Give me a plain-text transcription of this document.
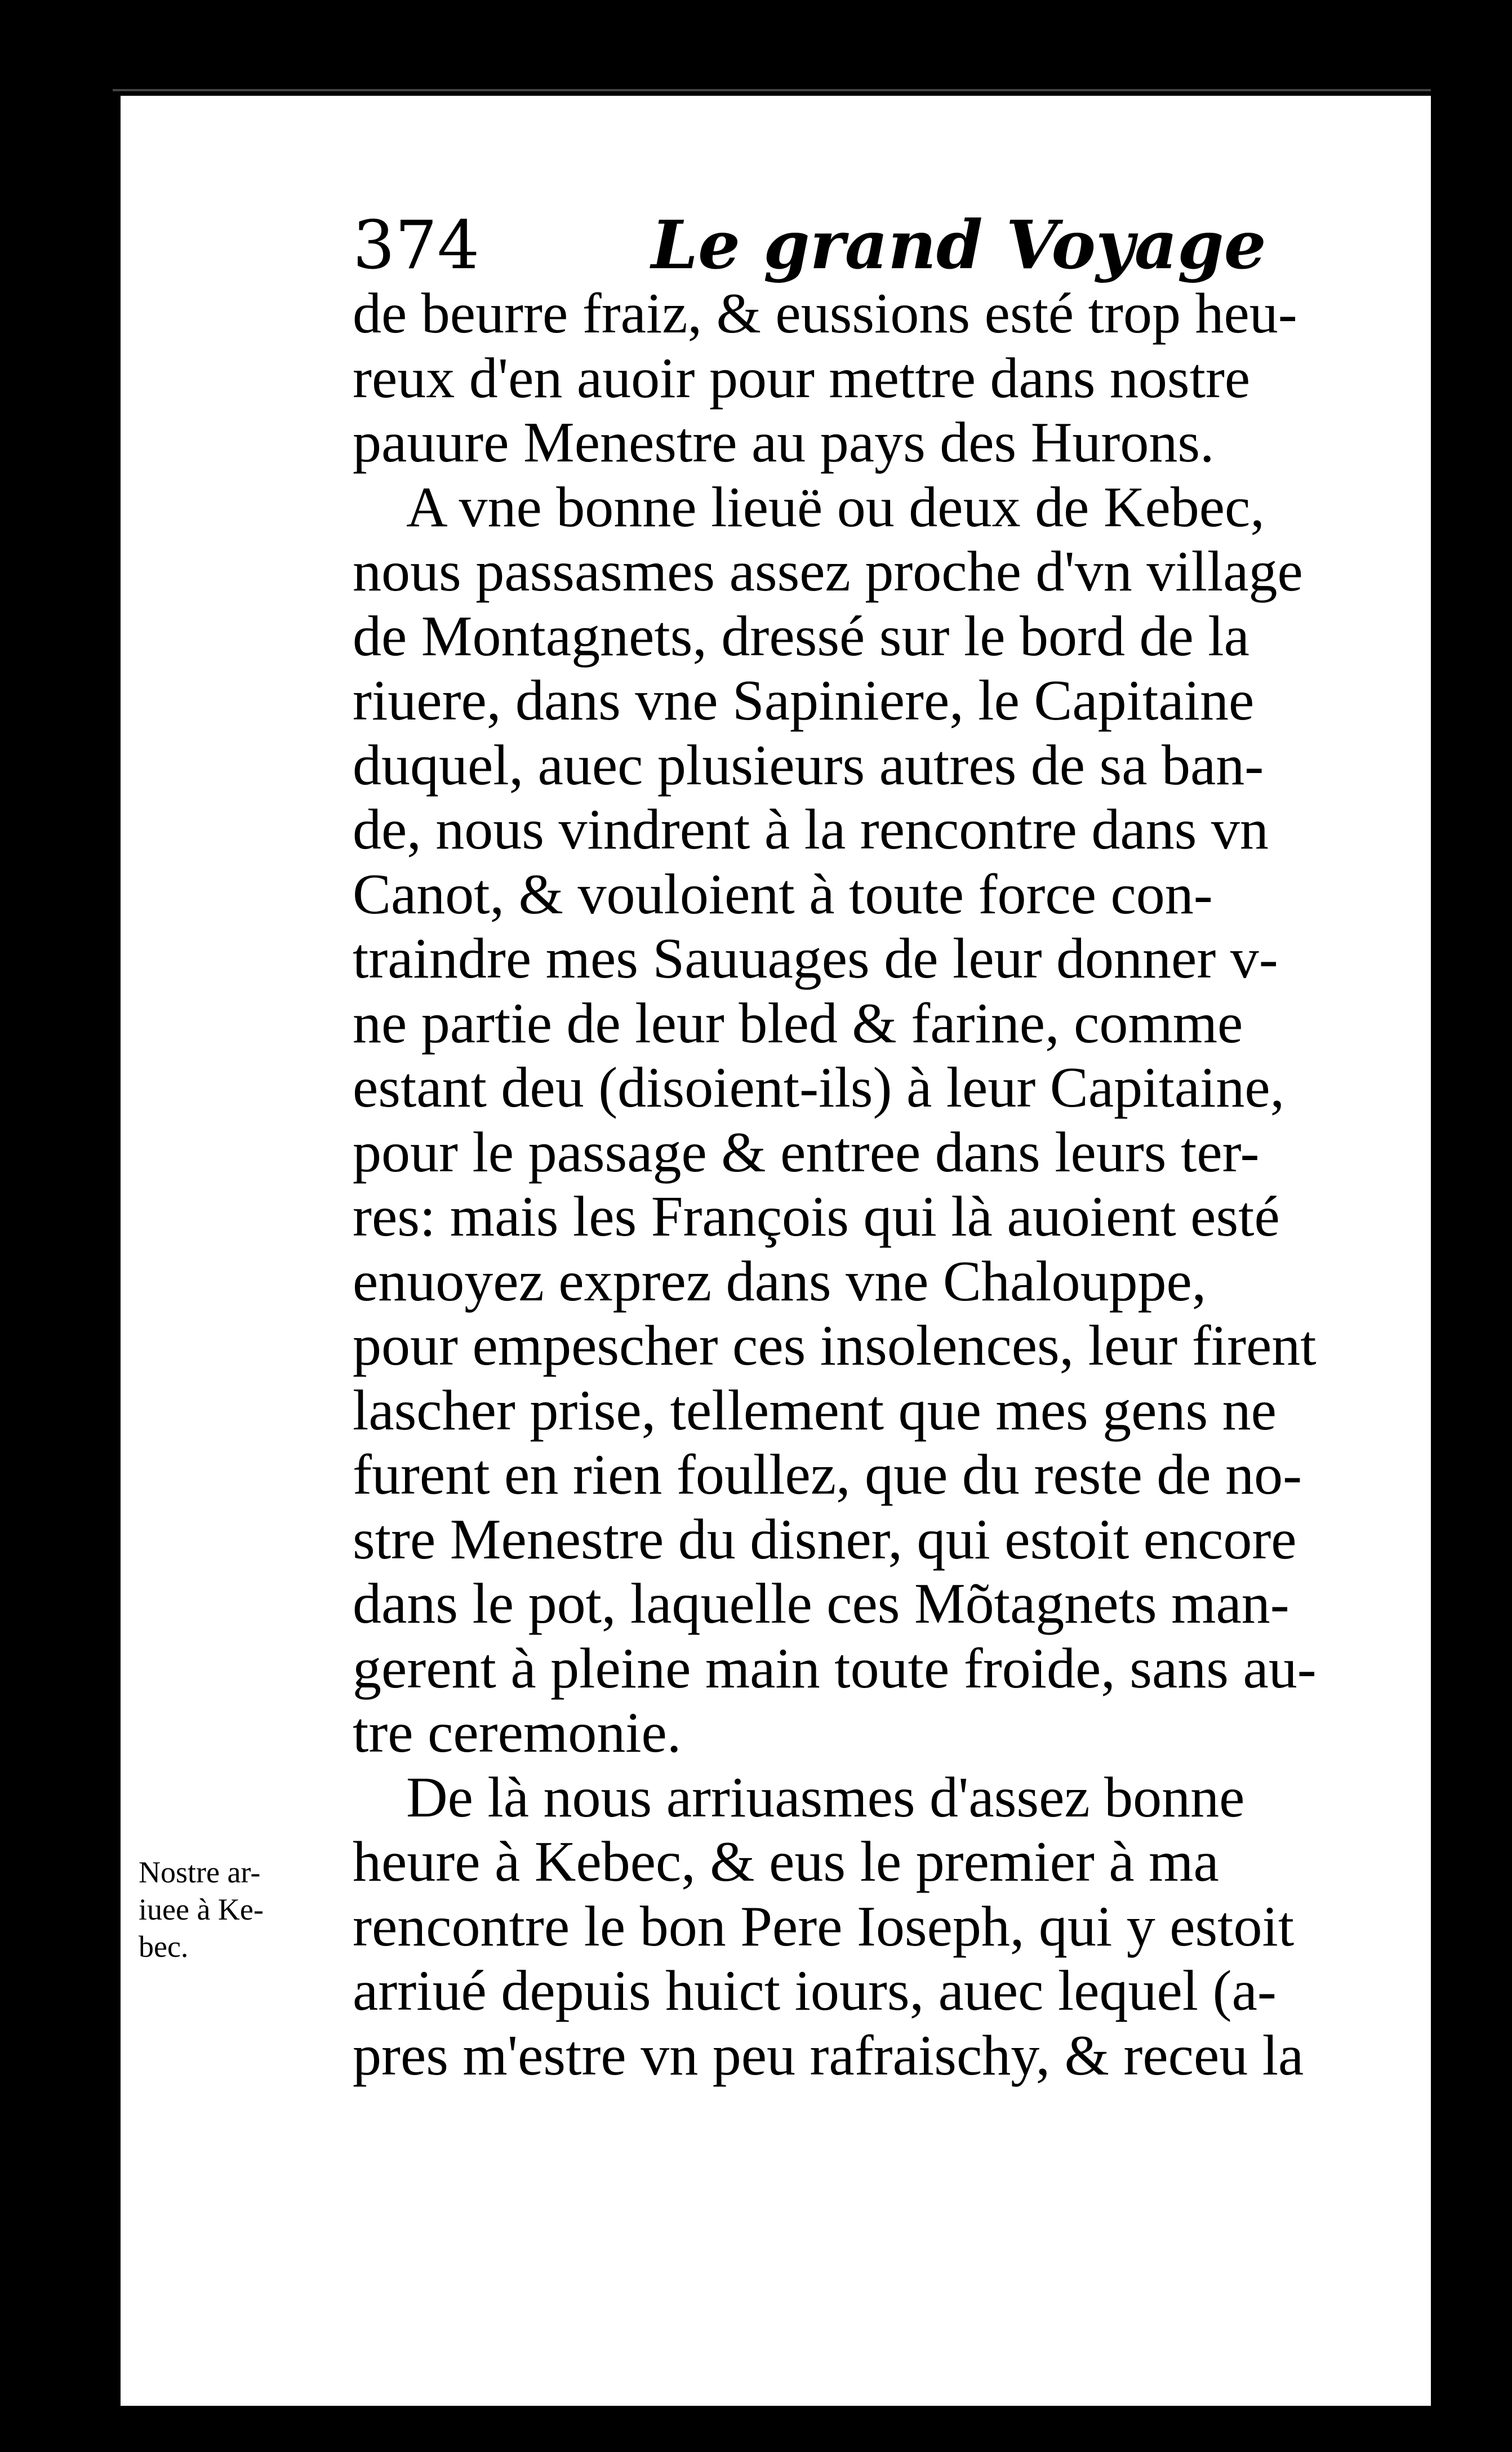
374	Le grand Voyage
de beurre fraiz, & eussions esté trop heu-
reux d'en auoir pour mettre dans nostre
pauure Menestre au pays des Hurons.
A vne bonne lieuë ou deux de Kebec,
nous passasmes assez proche d'vn village
de Montagnets, dressé sur le bord de la
riuere, dans vne Sapiniere, le Capitaine
duquel, auec plusieurs autres de sa ban-
de, nous vindrent à la rencontre dans vn
Canot, & vouloient à toute force con-
traindre mes Sauuages de leur donner v-
ne partie de leur bled & farine, comme
estant deu (disoient-ils) à leur Capitaine,
pour le passage & entree dans leurs ter-
res: mais les François qui là auoient esté
enuoyez exprez dans vne Chalouppe,
pour empescher ces insolences, leur firent
lascher prise, tellement que mes gens ne
furent en rien foullez, que du reste de no-
stre Menestre du disner, qui estoit encore
dans le pot, laquelle ces Mõtagnets man-
gerent à pleine main toute froide, sans au-
tre ceremonie.
De là nous arriuasmes d'assez bonne
heure à Kebec, & eus le premier à ma
rencontre le bon Pere Ioseph, qui y estoit
arriué depuis huict iours, auec lequel (a-
pres m'estre vn peu rafraischy, & receu la
Nostre ar-
iuee à Ke-
bec.
